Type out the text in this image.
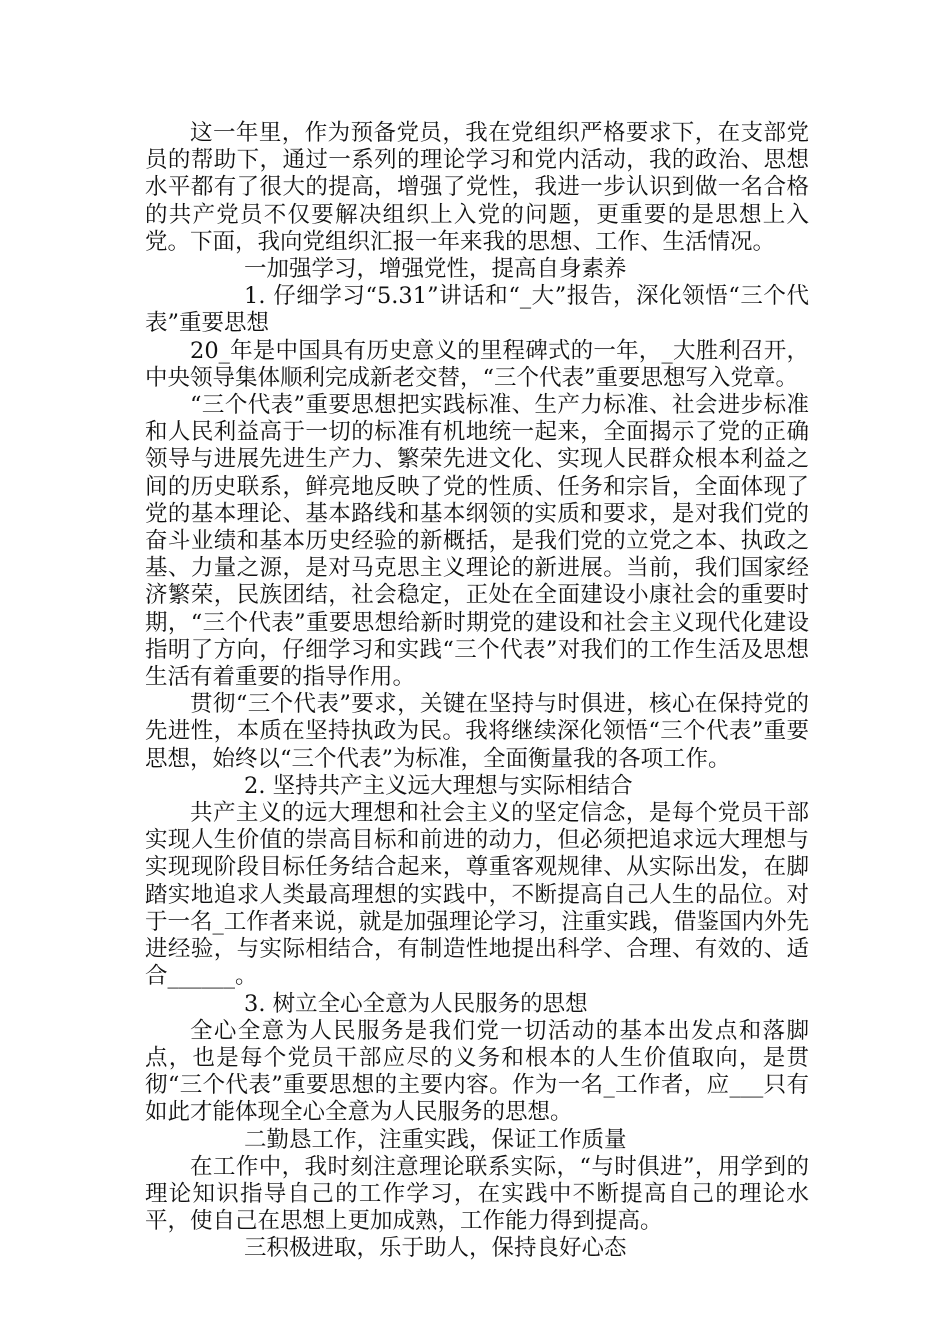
这一年里，作为预备党员，我在党组织严格要求下，在支部党员的帮助下，通过一系列的理论学习和党内活动，我的政治、思想水平都有了很大的提高，增强了党性，我进一步认识到做一名合格的共产党员不仅要解决组织上入党的问题，更重要的是思想上入党。下面，我向党组织汇报一年来我的思想、工作、生活情况。

一加强学习，增强党性，提高自身素养

1. 仔细学习“5.31”讲话和“_大”报告，深化领悟“三个代表”重要思想

20_年是中国具有历史意义的里程碑式的一年，_大胜利召开，中央领导集体顺利完成新老交替，“三个代表”重要思想写入党章。

“三个代表”重要思想把实践标准、生产力标准、社会进步标准和人民利益高于一切的标准有机地统一起来，全面揭示了党的正确领导与进展先进生产力、繁荣先进文化、实现人民群众根本利益之间的历史联系，鲜亮地反映了党的性质、任务和宗旨，全面体现了党的基本理论、基本路线和基本纲领的实质和要求，是对我们党的奋斗业绩和基本历史经验的新概括，是我们党的立党之本、执政之基、力量之源，是对马克思主义理论的新进展。当前，我们国家经济繁荣，民族团结，社会稳定，正处在全面建设小康社会的重要时期，“三个代表”重要思想给新时期党的建设和社会主义现代化建设指明了方向，仔细学习和实践“三个代表”对我们的工作生活及思想生活有着重要的指导作用。

贯彻“三个代表”要求，关键在坚持与时俱进，核心在保持党的先进性，本质在坚持执政为民。我将继续深化领悟“三个代表”重要思想，始终以“三个代表”为标准，全面衡量我的各项工作。

2. 坚持共产主义远大理想与实际相结合

共产主义的远大理想和社会主义的坚定信念，是每个党员干部实现人生价值的崇高目标和前进的动力，但必须把追求远大理想与实现现阶段目标任务结合起来，尊重客观规律、从实际出发，在脚踏实地追求人类最高理想的实践中，不断提高自己人生的品位。对于一名_工作者来说，就是加强理论学习，注重实践，借鉴国内外先进经验，与实际相结合，有制造性地提出科学、合理、有效的、适合______。

3. 树立全心全意为人民服务的思想

全心全意为人民服务是我们党一切活动的基本出发点和落脚点，也是每个党员干部应尽的义务和根本的人生价值取向，是贯彻“三个代表”重要思想的主要内容。作为一名_工作者，应___只有如此才能体现全心全意为人民服务的思想。

二勤恳工作，注重实践，保证工作质量

在工作中，我时刻注意理论联系实际，“与时俱进”，用学到的理论知识指导自己的工作学习，在实践中不断提高自己的理论水平，使自己在思想上更加成熟，工作能力得到提高。

三积极进取，乐于助人，保持良好心态
